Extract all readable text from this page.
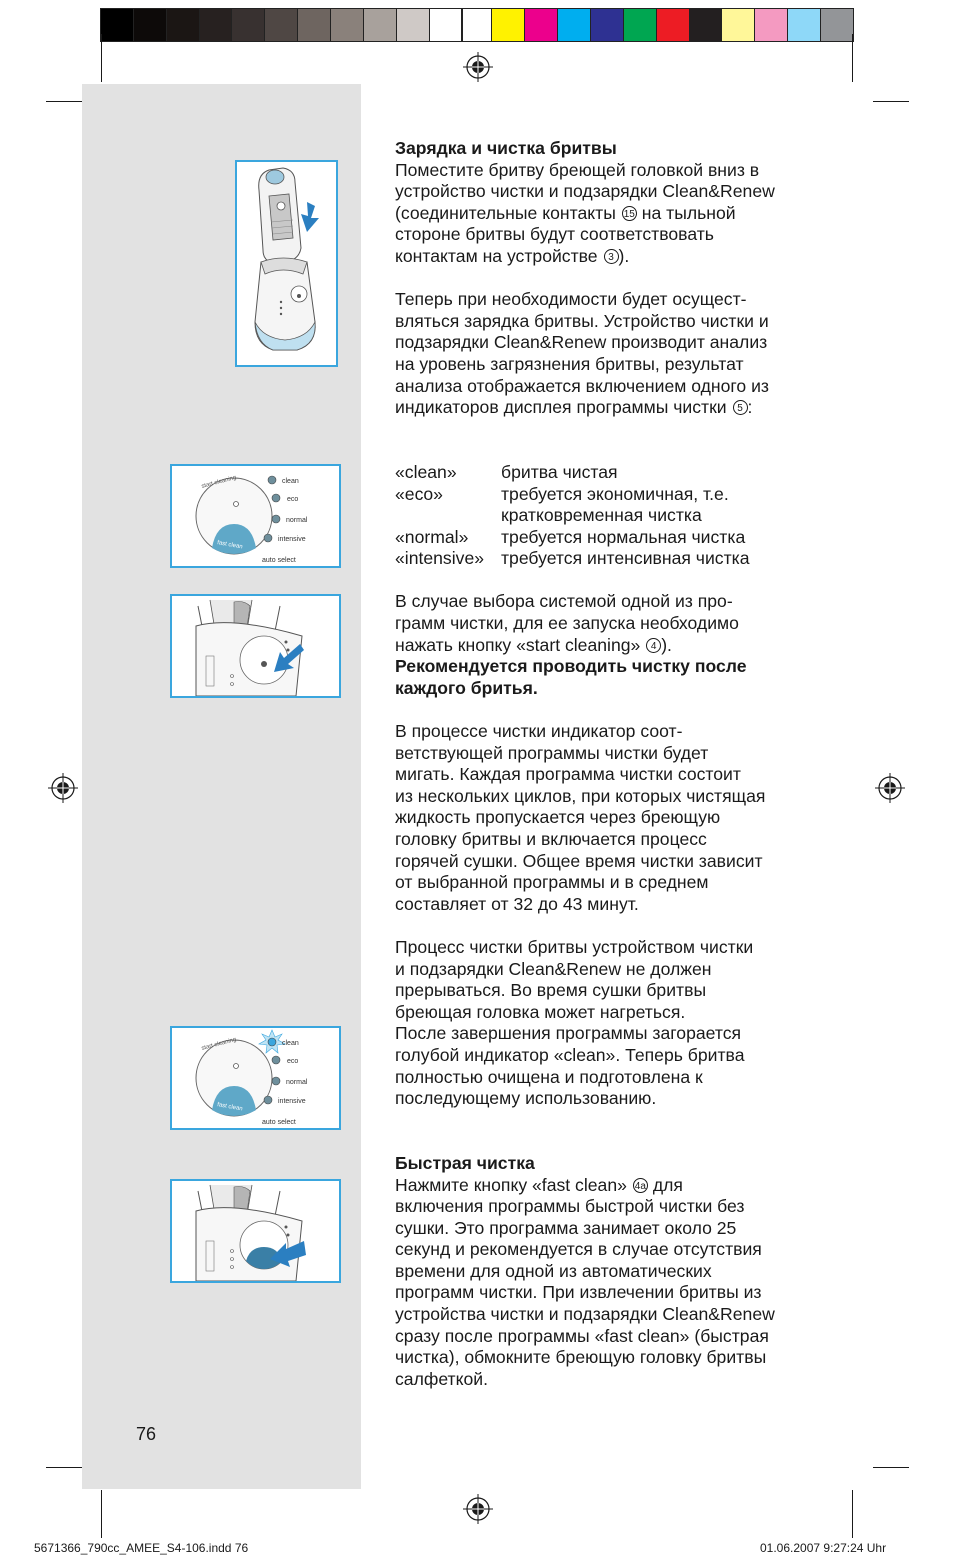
start cleaning
fast clean
clean
eco
normal
intensive
auto select
start cleaning
fast clean
clean
eco
normal
intensive
auto select

Зарядка и чистка бритвы

Поместите бритву бреющей головкой вниз в
устройство чистки и подзарядки Clean&Renew
(соединительные контакты 15 на тыльной
стороне бритвы будут соответствовать
контактам на устройстве 3 ).

Теперь при необходимости будет осущест-
вляться зарядка бритвы. Устройство чистки и
подзарядки Clean&Renew производит анализ
на уровень загрязнения бритвы, результат
анализа отображается включением одного из
индикаторов дисплея программы чистки 5 :

«clean»	бритва чистая
«eco»	требуется экономичная, т.е.
кратковременная чистка
«normal»	требуется нормальная чистка
«intensive»	требуется интенсивная чистка

В случае выбора системой одной из про-
грамм чистки, для ее запуска необходимо
нажать кнопку «start cleaning» 4 ).

Рекомендуется проводить чистку после
каждого бритья.

В процессе чистки индикатор соот-
ветствующей программы чистки будет
мигать. Каждая программа чистки состоит
из нескольких циклов, при которых чистящая
жидкость пропускается через бреющую
головку бритвы и включается процесс
горячей сушки. Общее время чистки зависит
от выбранной программы и в среднем
составляет от 32 до 43 минут.

Процесс чистки бритвы устройством чистки
и подзарядки Clean&Renew не должен
прерываться. Во время сушки бритвы
бреющая головка может нагреться.
После завершения программы загорается
голубой индикатор «clean». Теперь бритва
полностью очищена и подготовлена к
последующему использованию.

Быстрая чистка

Нажмите кнопку «fast clean» 4a для
включения программы быстрой чистки без
сушки. Это программа занимает около 25
секунд и рекомендуется в случае отсутствия
времени для одной из автоматических
программ чистки. При извлечении бритвы из
устройства чистки и подзарядки Clean&Renew
сразу после программы «fast clean» (быстрая
чистка), обмокните бреющую головку бритвы
салфеткой.

76
5671366_790cc_AMEE_S4-106.indd 76	01.06.2007 9:27:24 Uhr
